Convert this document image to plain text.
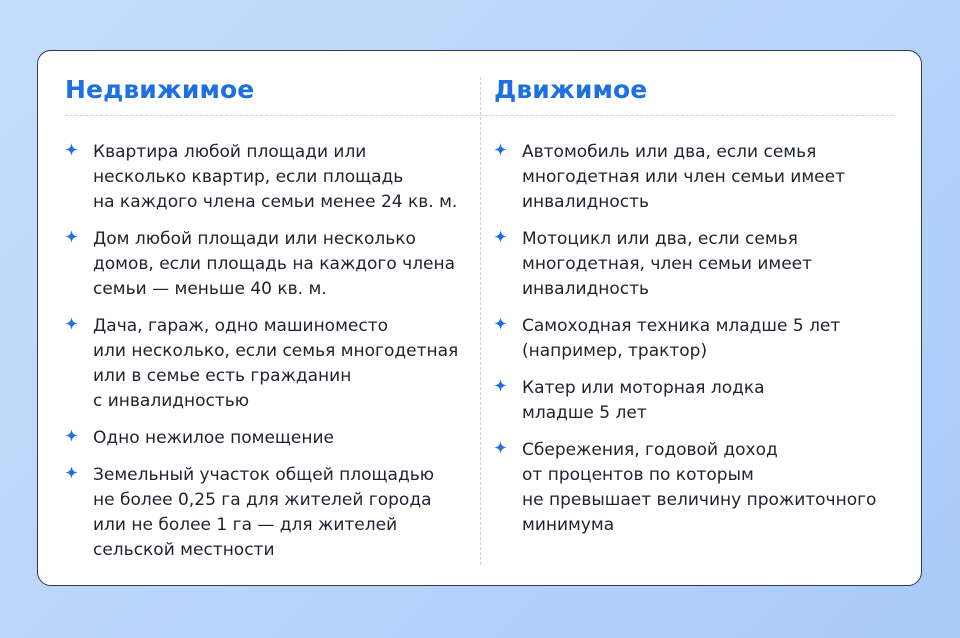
Недвижимое
Квартира любой площади или
несколько квартир, если площадь
на каждого члена семьи менее 24 кв. м.
Дом любой площади или несколько
домов, если площадь на каждого члена
семьи — меньше 40 кв. м.
Дача, гараж, одно машиноместо
или несколько, если семья многодетная
или в семье есть гражданин
с инвалидностью
Одно нежилое помещение
Земельный участок общей площадью
не более 0,25 га для жителей города
или не более 1 га — для жителей
сельской местности
Движимое
Автомобиль или два, если семья
многодетная или член семьи имеет
инвалидность
Мотоцикл или два, если семья
многодетная, член семьи имеет
инвалидность
Самоходная техника младше 5 лет
(например, трактор)
Катер или моторная лодка
младше 5 лет
Сбережения, годовой доход
от процентов по которым
не превышает величину прожиточного
минимума
